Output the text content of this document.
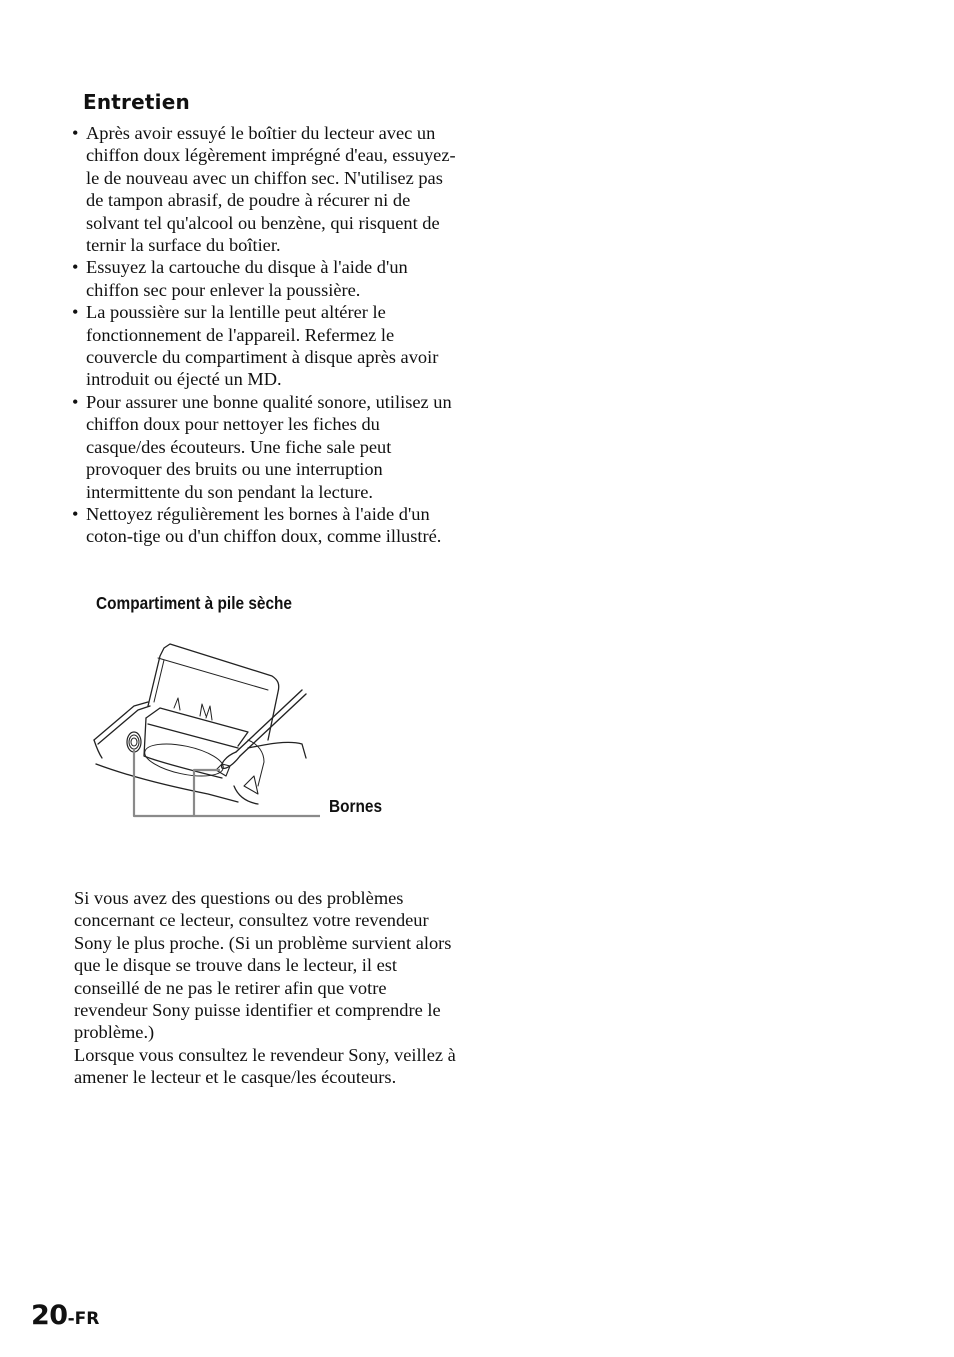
Entretien
• Après avoir essuyé le boîtier du lecteur avec un chiffon doux légèrement imprégné d'eau, essuyez-le de nouveau avec un chiffon sec. N'utilisez pas de tampon abrasif, de poudre à récurer ni de solvant tel qu'alcool ou benzène, qui risquent de ternir la surface du boîtier.
• Essuyez la cartouche du disque à l'aide d'un chiffon sec pour enlever la poussière.
• La poussière sur la lentille peut altérer le fonctionnement de l'appareil. Refermez le couvercle du compartiment à disque après avoir introduit ou éjecté un MD.
• Pour assurer une bonne qualité sonore, utilisez un chiffon doux pour nettoyer les fiches du casque/des écouteurs. Une fiche sale peut provoquer des bruits ou une interruption intermittente du son pendant la lecture.
• Nettoyez régulièrement les bornes à l'aide d'un coton-tige ou d'un chiffon doux, comme illustré.
Compartiment à pile sèche
Bornes

Si vous avez des questions ou des problèmes concernant ce lecteur, consultez votre revendeur Sony le plus proche. (Si un problème survient alors que le disque se trouve dans le lecteur, il est conseillé de ne pas le retirer afin que votre revendeur Sony puisse identifier et comprendre le problème.)

Lorsque vous consultez le revendeur Sony, veillez à amener le lecteur et le casque/les écouteurs.

20-FR
